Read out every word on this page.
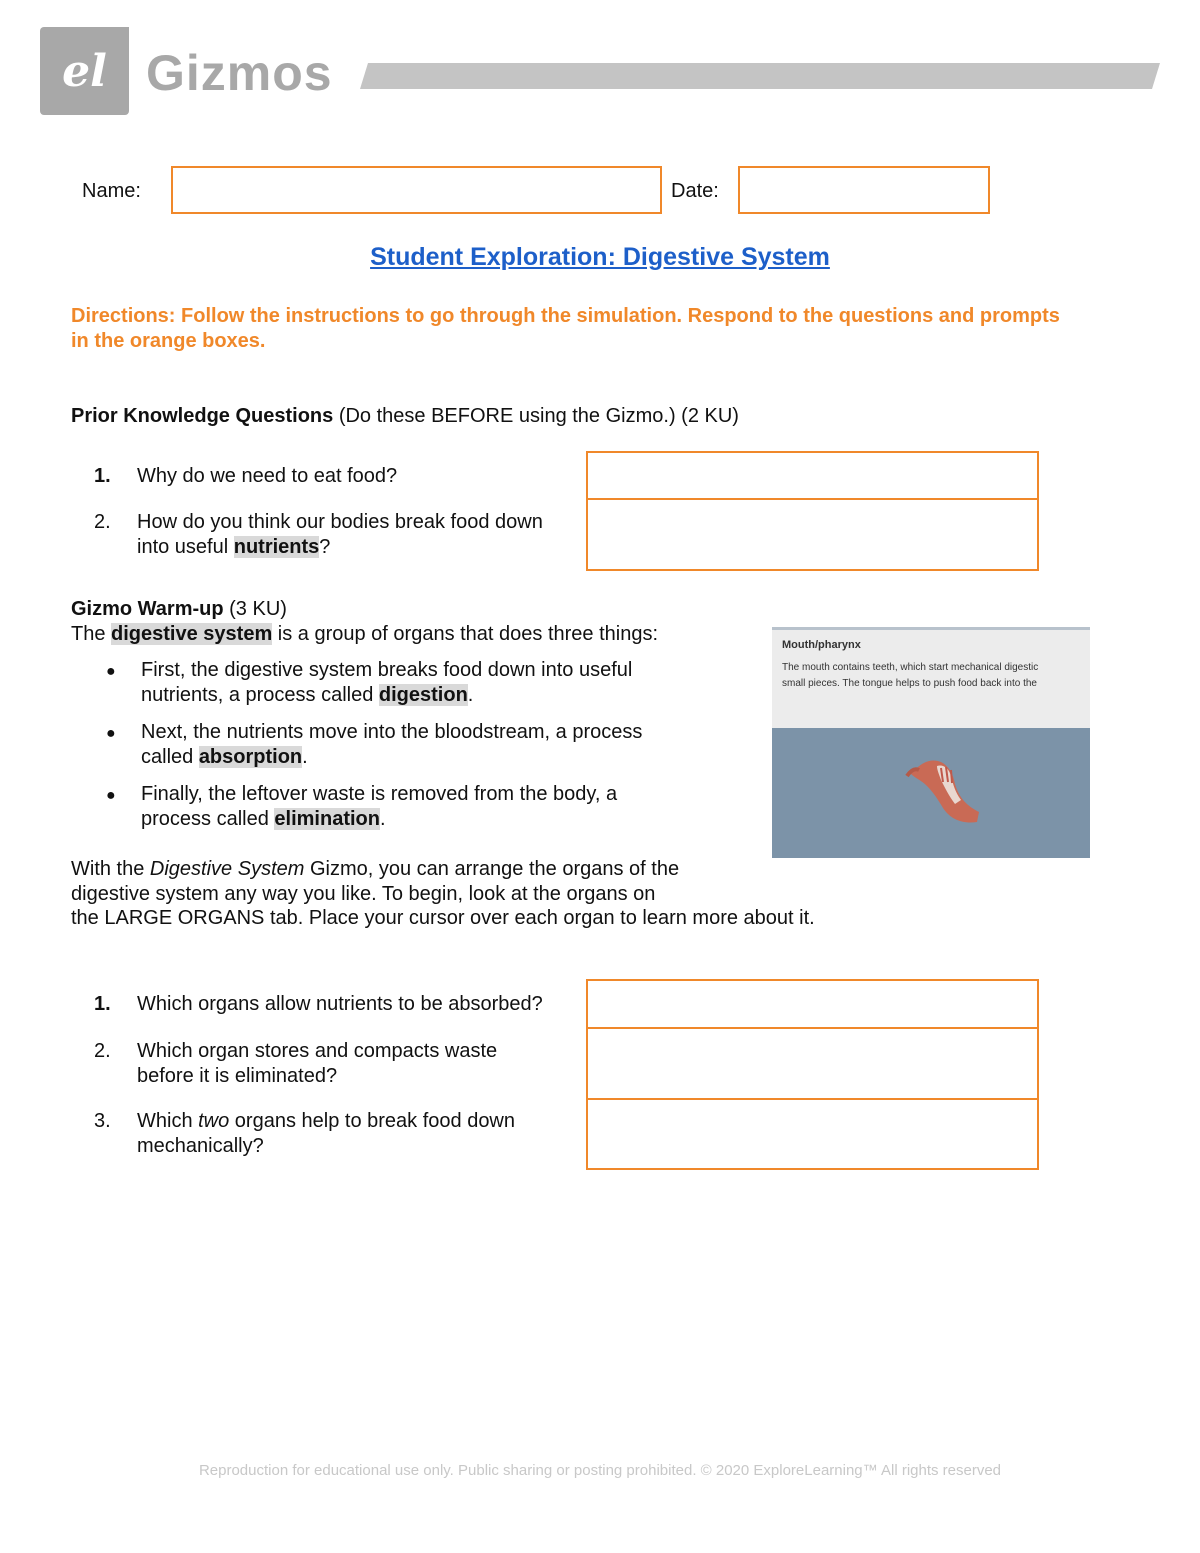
el Gizmos
Name:	Date:
Student Exploration: Digestive System
Directions: Follow the instructions to go through the simulation. Respond to the questions and prompts in the orange boxes.
Prior Knowledge Questions (Do these BEFORE using the Gizmo.) (2 KU)
1. Why do we need to eat food?
2. How do you think our bodies break food down
into useful nutrients?
Gizmo Warm-up (3 KU)
The digestive system is a group of organs that does three things:
● First, the digestive system breaks food down into useful
nutrients, a process called digestion.
● Next, the nutrients move into the bloodstream, a process
called absorption.
● Finally, the leftover waste is removed from the body, a
process called elimination.
With the Digestive System Gizmo, you can arrange the organs of the
digestive system any way you like. To begin, look at the organs on
the LARGE ORGANS tab. Place your cursor over each organ to learn more about it.
Mouth/pharynx
The mouth contains teeth, which start mechanical digestic
small pieces. The tongue helps to push food back into the
1. Which organs allow nutrients to be absorbed?
2. Which organ stores and compacts waste
before it is eliminated?
3. Which two organs help to break food down
mechanically?
Reproduction for educational use only. Public sharing or posting prohibited. © 2020 ExploreLearning™ All rights reserved
